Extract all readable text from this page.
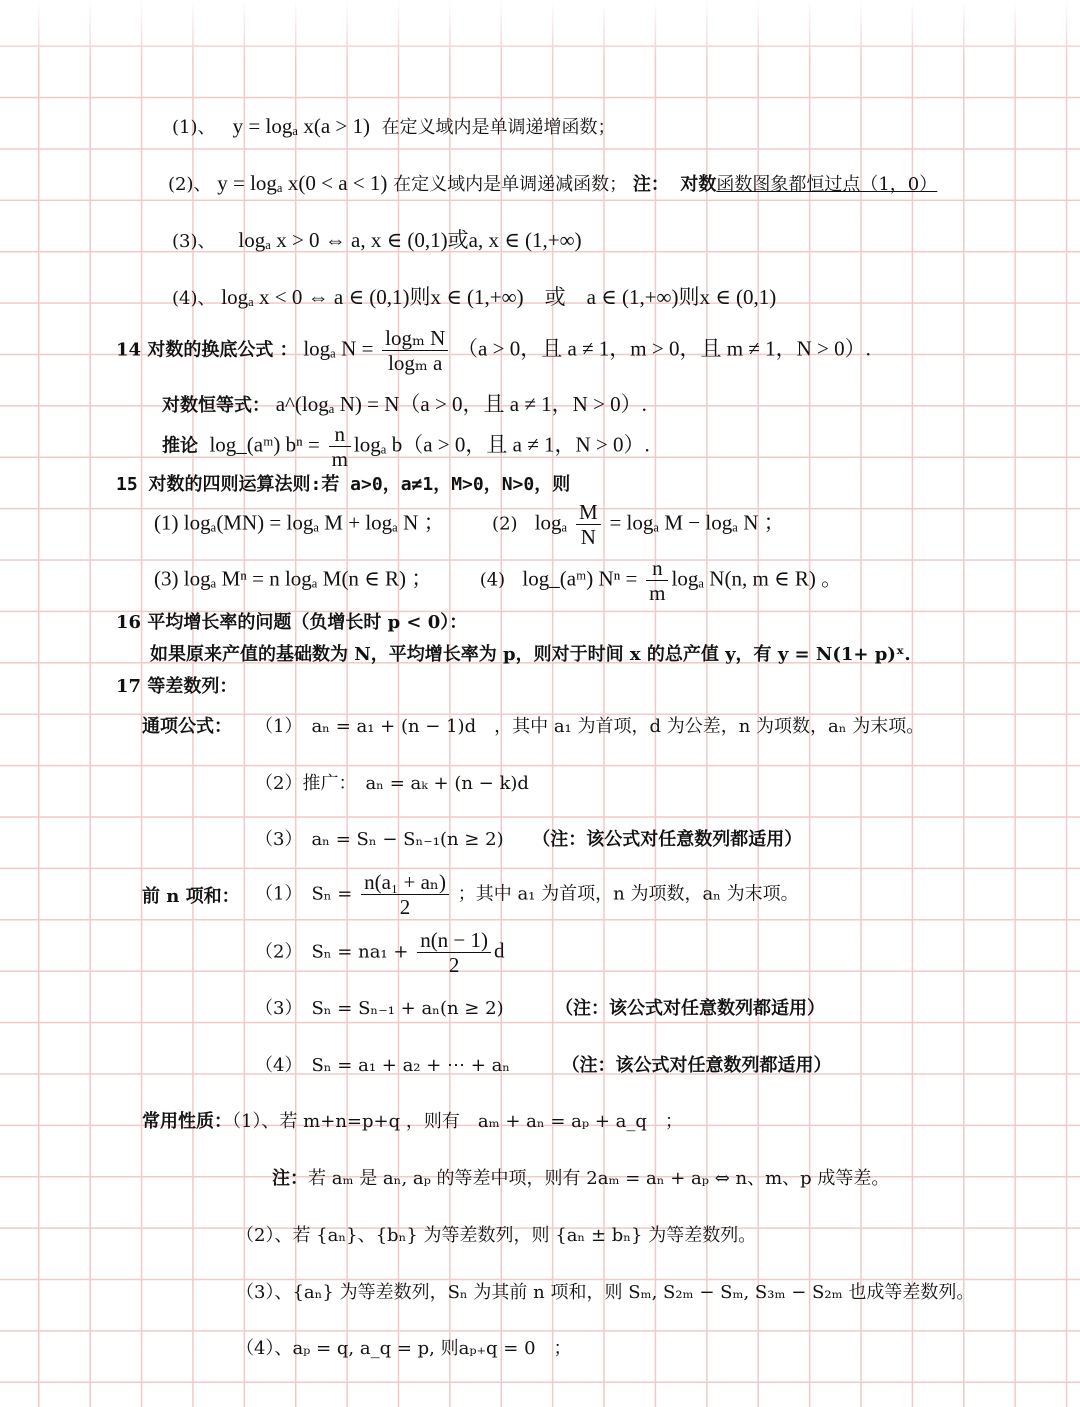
(1)、 y = logₐ x(a > 1) 在定义域内是单调递增函数；
(2)、 y = logₐ x(0 < a < 1) 在定义域内是单调递减函数； 注： 对数函数图象都恒过点（1，0）
(3)、 logₐ x > 0 ⇔ a, x ∈ (0,1)或a, x ∈ (1,+∞)
(4)、 logₐ x < 0 ⇔ a ∈ (0,1)则x ∈ (1,+∞)　或　a ∈ (1,+∞)则x ∈ (0,1)
14 对数的换底公式 ： logₐ $N = \frac{\text{logₘ N}}{\text{logₘ a}} (a > 0$，且 a ≠ 1，m > 0，且 m ≠ 1，N > 0）.
对数恒等式： a^(logₐ N) = N（a > 0，且 a ≠ 1，N > 0）.
推论 log_(aᵐ) $b^n = \frac{n}{m}$ logₐ b（a > 0，且 a ≠ 1，N > 0）.
15 对数的四则运算法则:若 a>0，a≠1，M>0，N>0，则
(1) logₐ(MN) = logₐ M + logₐ N ；	(2) logₐ $\frac{M}{N} = \log_a$ M − logₐ N ；
(3) logₐ Mⁿ = n logₐ M(n ∈ R) ；	(4) log_(aᵐ) $N^n = \frac{n}{m}$ logₐ N(n, m ∈ R) 。
16 平均增长率的问题（负增长时 p < 0）：
如果原来产值的基础数为 N，平均增长率为 p，则对于时间 x 的总产值 y，有 y = N(1+ p)ˣ.
17 等差数列：
通项公式： （1）　aₙ = a₁ + (n − 1)d　，其中 a₁ 为首项，d 为公差，n 为项数，aₙ 为末项。
（2）推广：　aₙ = aₖ + (n − k)d
（3）　aₙ = Sₙ − Sₙ₋₁(n ≥ 2) （注：该公式对任意数列都适用）
前 n 项和： （1）　$S_n = \frac{\text{n(a₁ + aₙ)}}{2}$ ；其中 a₁ 为首项，n 为项数，aₙ 为末项。
（2）　$S_n = na_1 + \frac{n(n - 1)}{2}$ d
（3）　Sₙ = Sₙ₋₁ + aₙ(n ≥ 2)	（注：该公式对任意数列都适用）
（4）　Sₙ = a₁ + a₂ + ⋯ + aₙ	（注：该公式对任意数列都适用）
常用性质：（1）、若 m+n=p+q ，则有　aₘ + aₙ = aₚ + a_q　；
注：若 aₘ 是 aₙ, aₚ 的等差中项，则有 2aₘ = aₙ + aₚ ⇔ n、m、p 成等差。
（2）、若 {aₙ}、{bₙ} 为等差数列，则 {aₙ ± bₙ} 为等差数列。
（3）、{aₙ} 为等差数列，Sₙ 为其前 n 项和，则 Sₘ, S₂ₘ − Sₘ, S₃ₘ − S₂ₘ 也成等差数列。
（4）、aₚ = q, a_q = p, 则aₚ₊q = 0　；
